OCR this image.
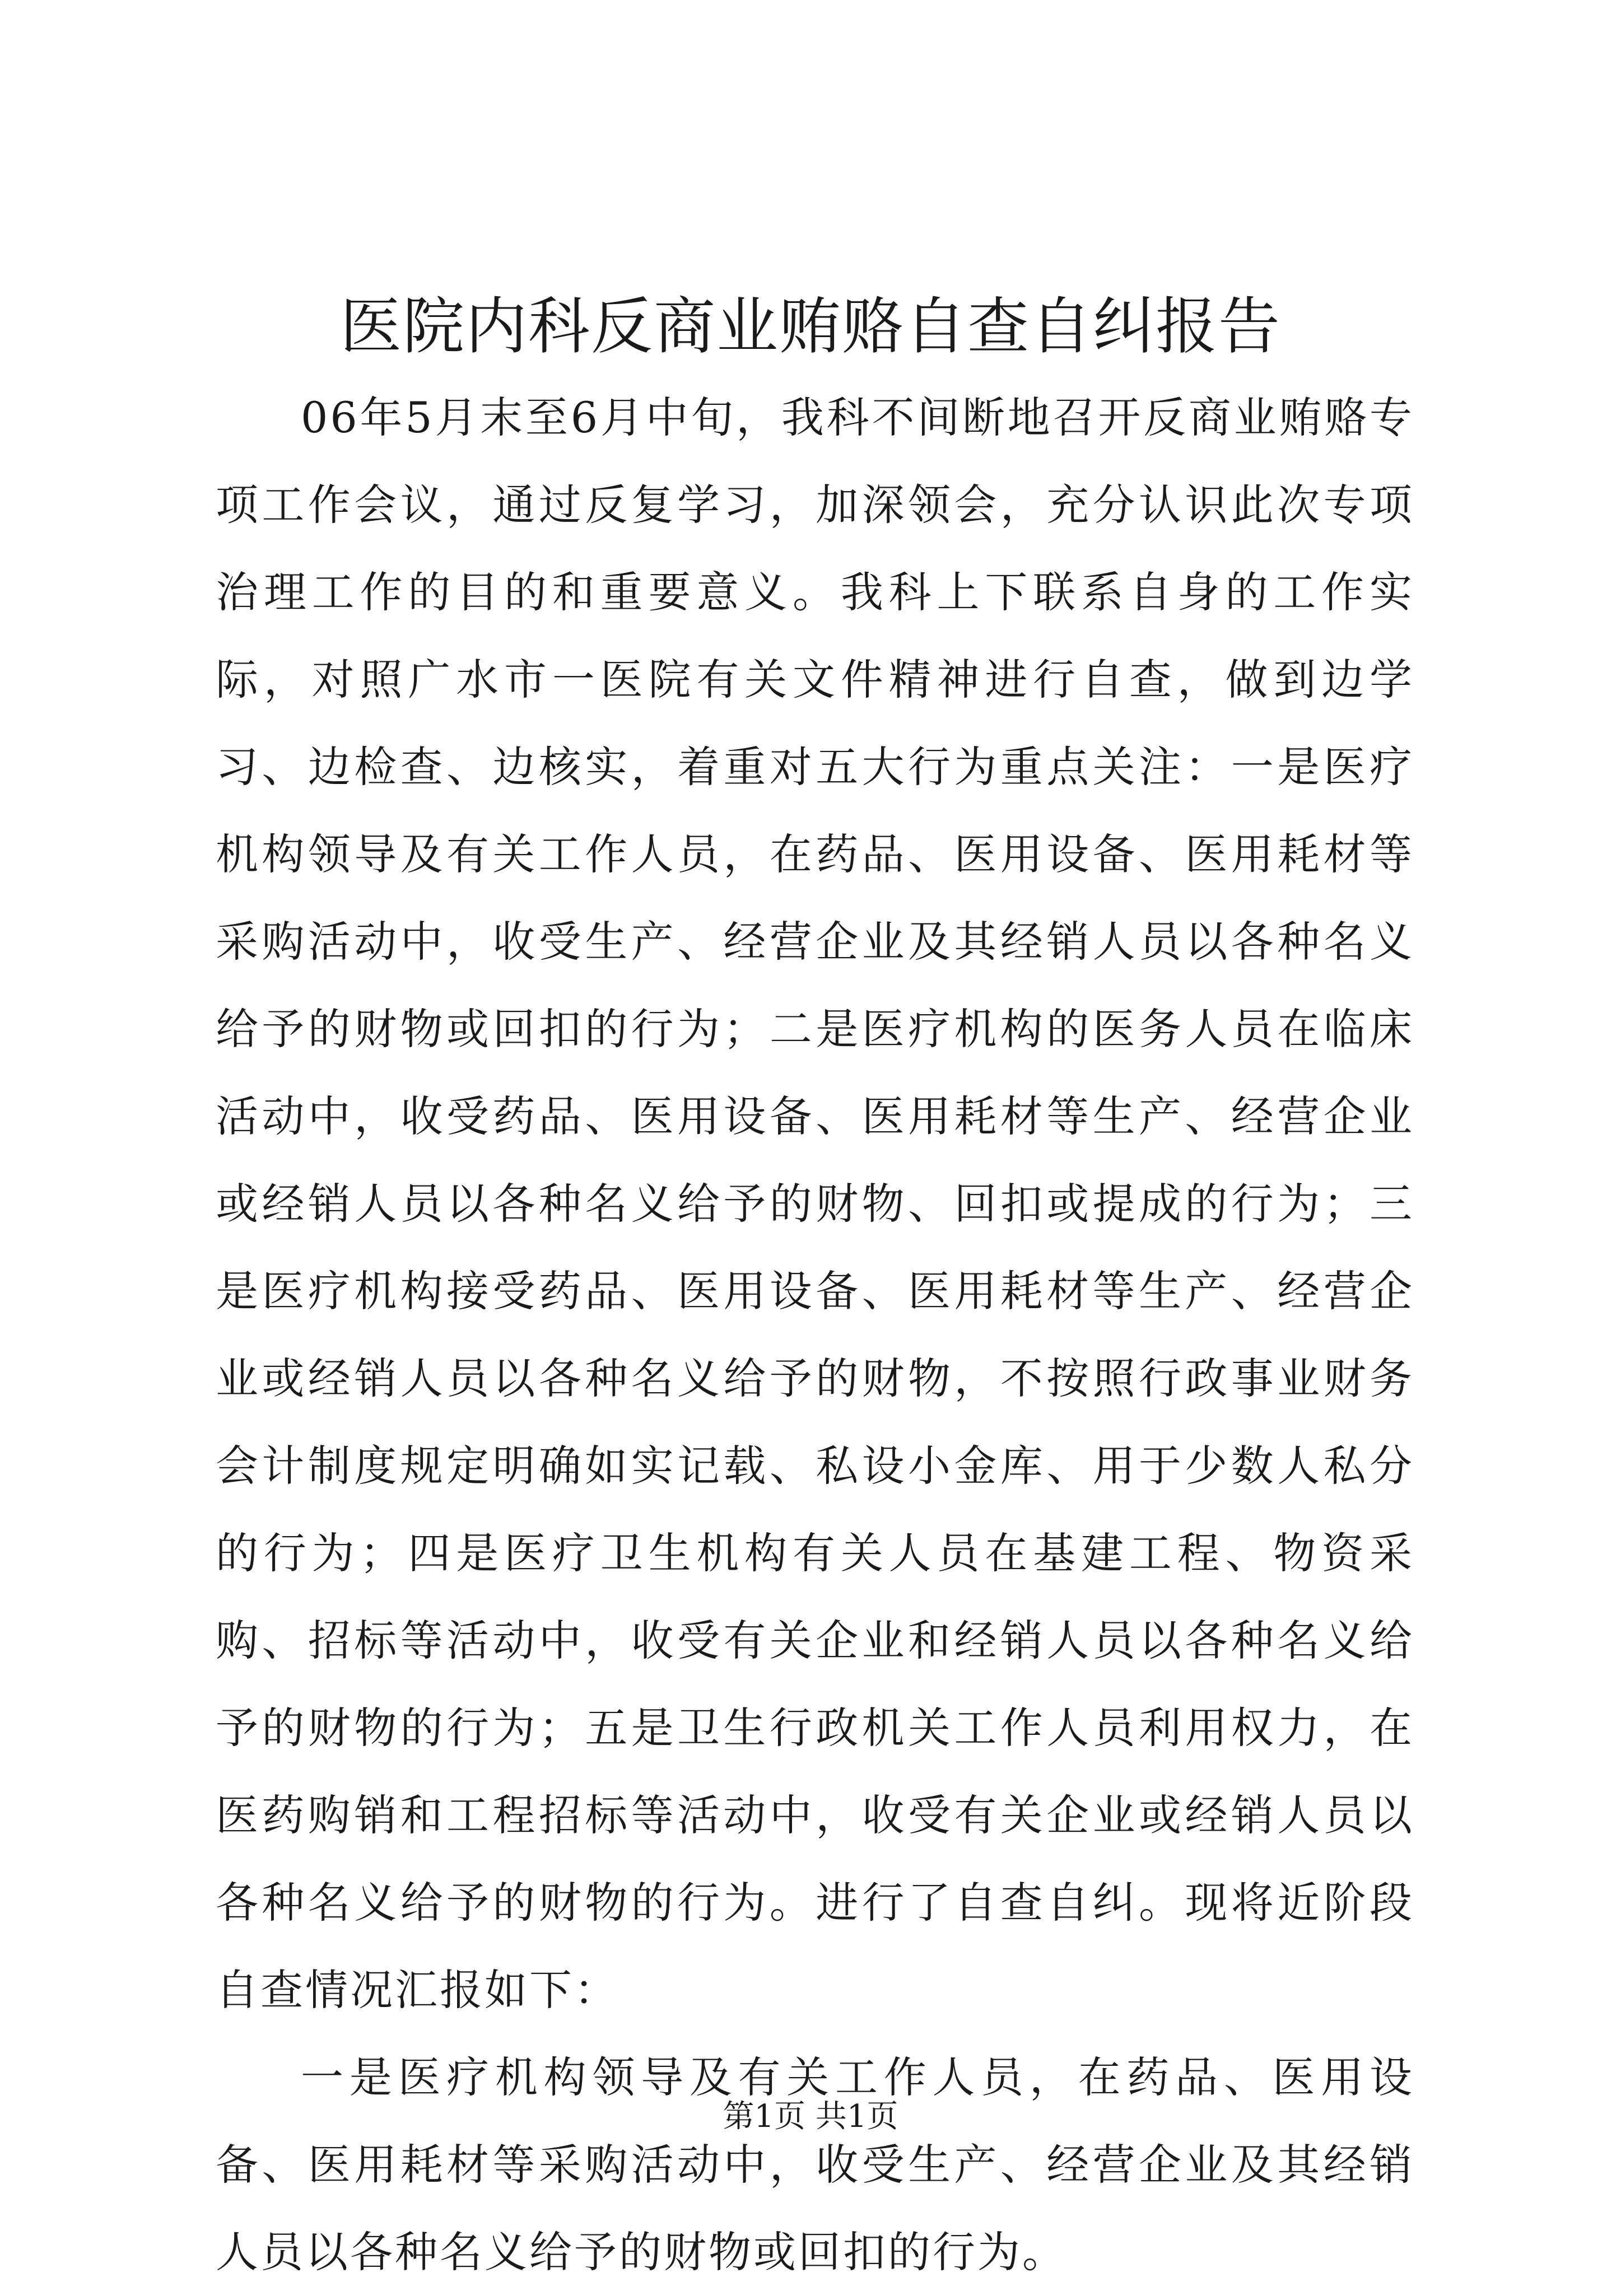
医院内科反商业贿赂自查自纠报告

06年5月末至6月中旬，我科不间断地召开反商业贿赂专项工作会议，通过反复学习，加深领会，充分认识此次专项治理工作的目的和重要意义。我科上下联系自身的工作实际，对照广水市一医院有关文件精神进行自查，做到边学习、边检查、边核实，着重对五大行为重点关注：一是医疗机构领导及有关工作人员，在药品、医用设备、医用耗材等采购活动中，收受生产、经营企业及其经销人员以各种名义给予的财物或回扣的行为；二是医疗机构的医务人员在临床活动中，收受药品、医用设备、医用耗材等生产、经营企业或经销人员以各种名义给予的财物、回扣或提成的行为；三是医疗机构接受药品、医用设备、医用耗材等生产、经营企业或经销人员以各种名义给予的财物，不按照行政事业财务会计制度规定明确如实记载、私设小金库、用于少数人私分的行为；四是医疗卫生机构有关人员在基建工程、物资采购、招标等活动中，收受有关企业和经销人员以各种名义给予的财物的行为；五是卫生行政机关工作人员利用权力，在医药购销和工程招标等活动中，收受有关企业或经销人员以各种名义给予的财物的行为。进行了自查自纠。现将近阶段自查情况汇报如下：

一是医疗机构领导及有关工作人员，在药品、医用设备、医用耗材等采购活动中，收受生产、经营企业及其经销人员以各种名义给予的财物或回扣的行为。

第1页 共1页
